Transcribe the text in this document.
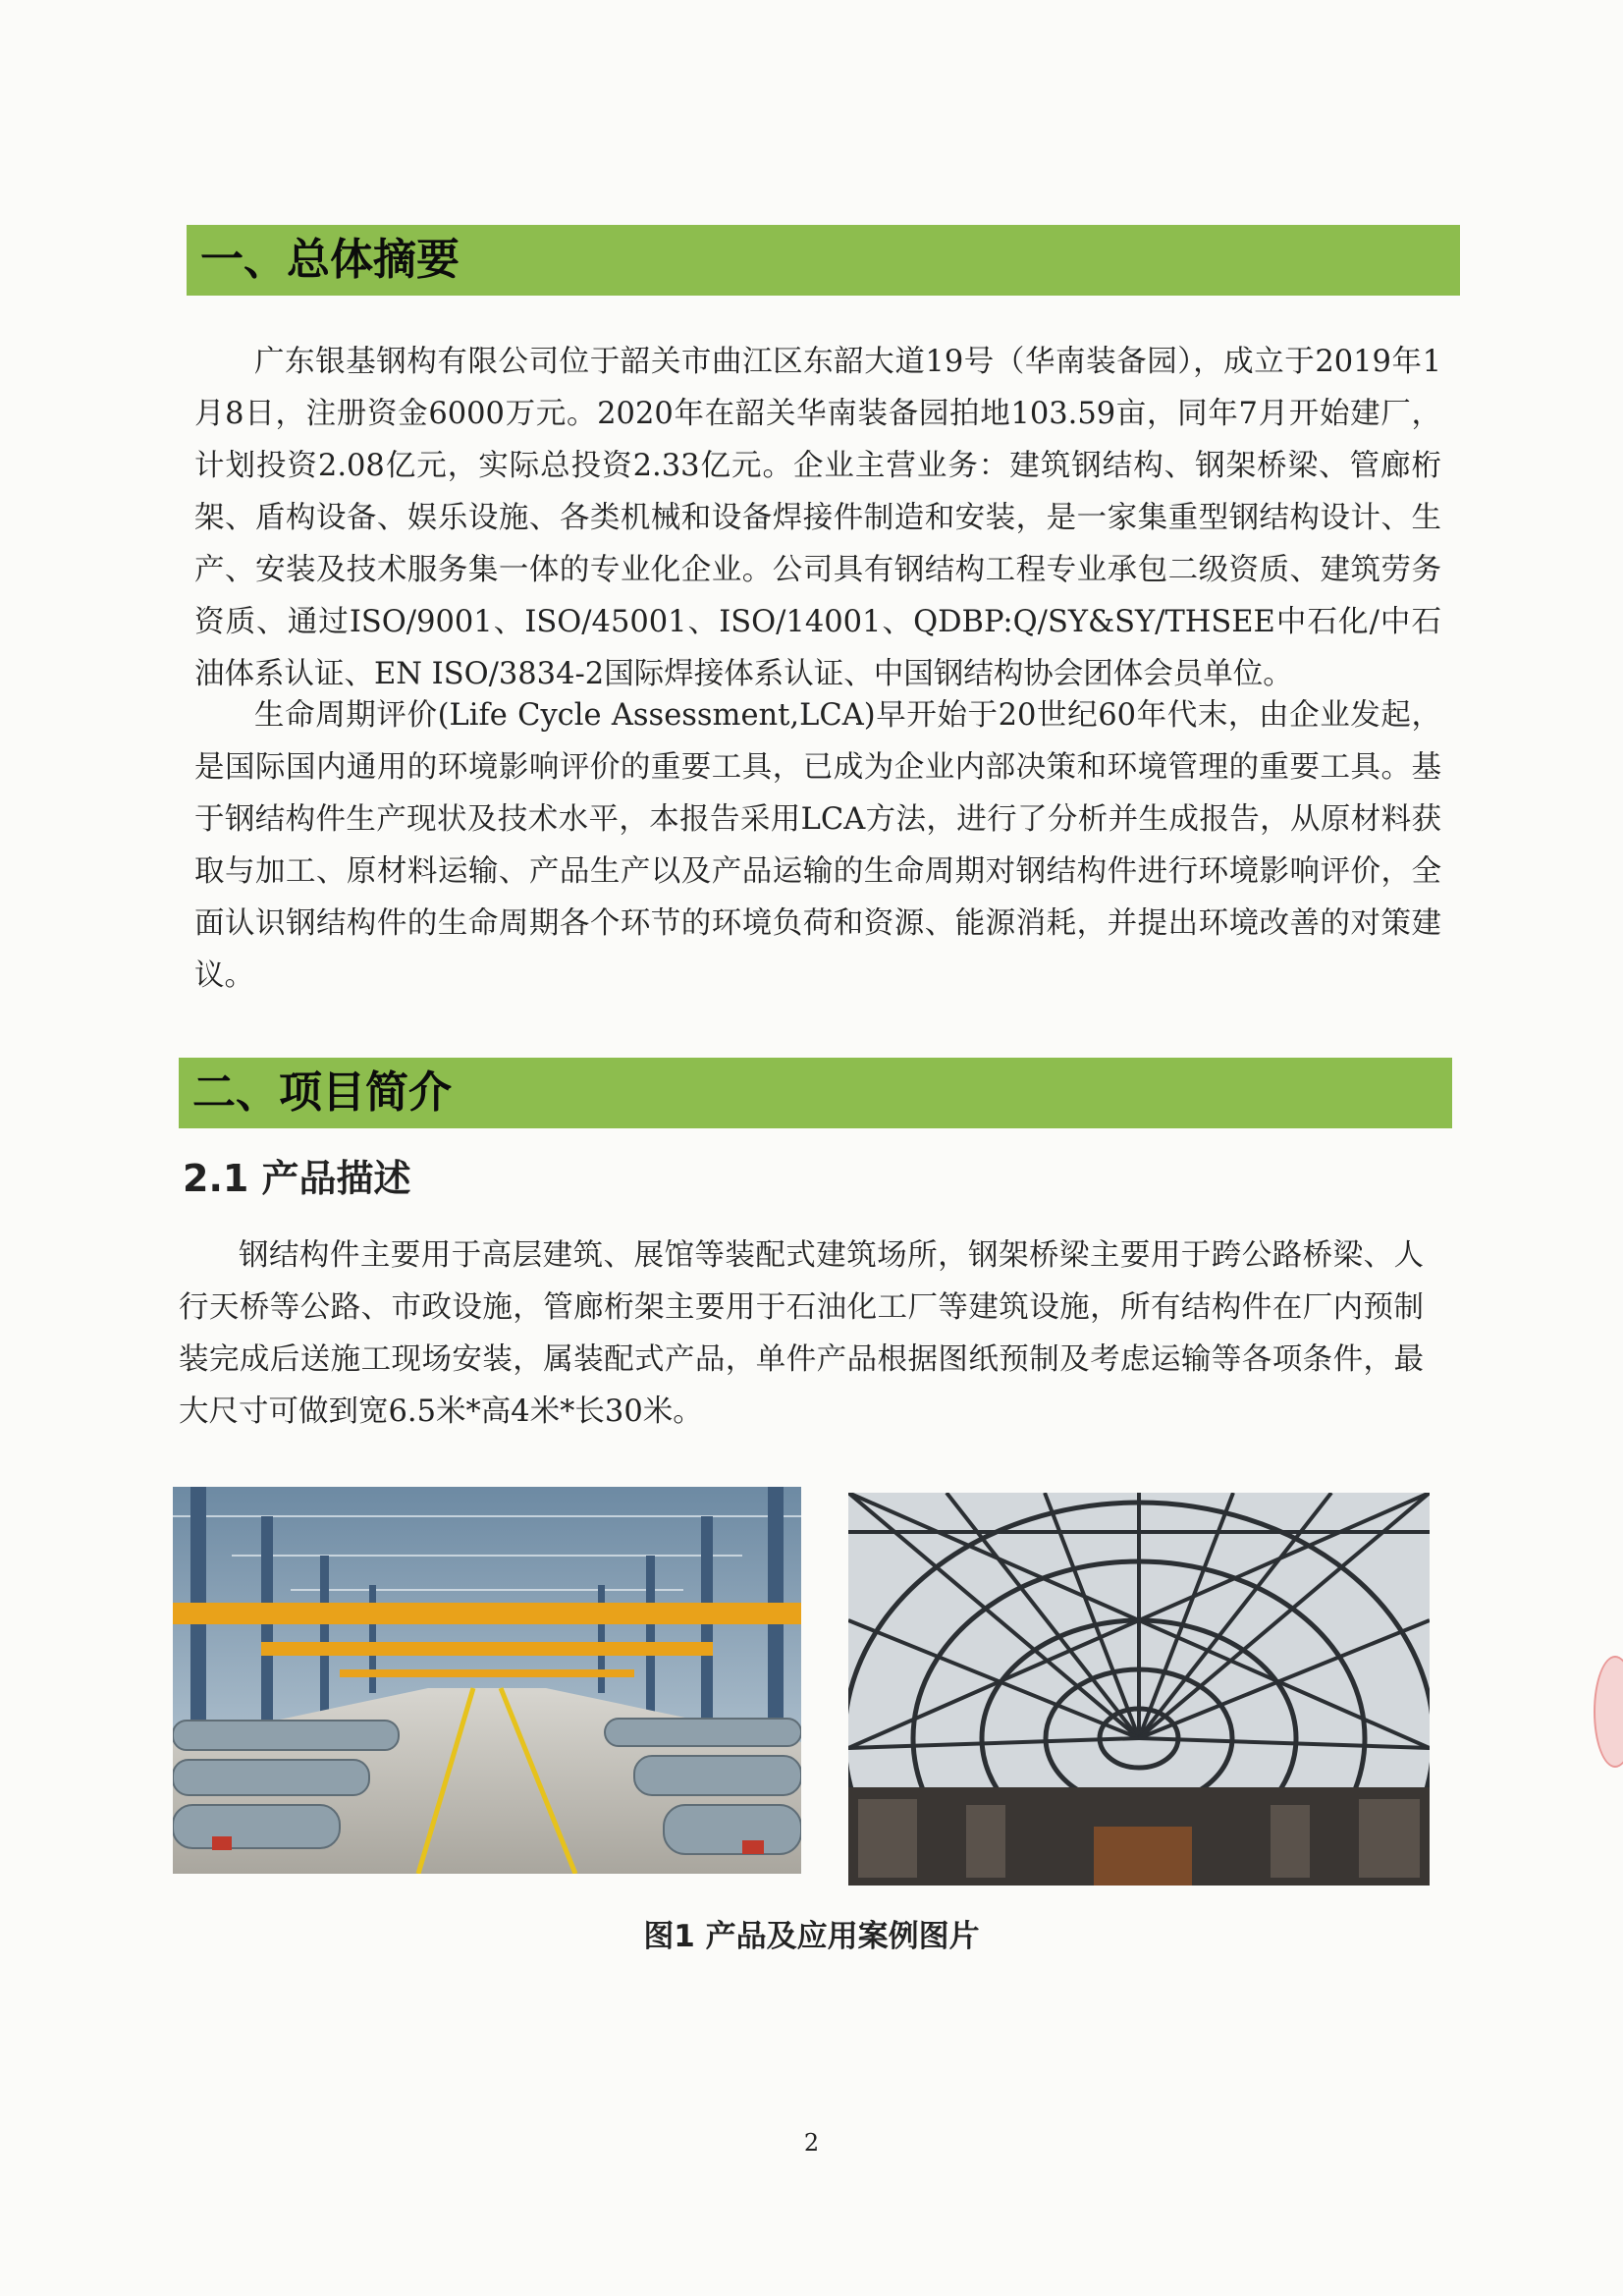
一、总体摘要

广东银基钢构有限公司位于韶关市曲江区东韶大道19号（华南装备园），成立于2019年1月8日，注册资金6000万元。2020年在韶关华南装备园拍地103.59亩，同年7月开始建厂，计划投资2.08亿元，实际总投资2.33亿元。企业主营业务：建筑钢结构、钢架桥梁、管廊桁架、盾构设备、娱乐设施、各类机械和设备焊接件制造和安装，是一家集重型钢结构设计、生产、安装及技术服务集一体的专业化企业。公司具有钢结构工程专业承包二级资质、建筑劳务资质、通过ISO/9001、ISO/45001、ISO/14001、QDBP:Q/SY&SY/THSEE中石化/中石油体系认证、EN ISO/3834-2国际焊接体系认证、中国钢结构协会团体会员单位。

生命周期评价(Life Cycle Assessment,LCA)早开始于20世纪60年代末，由企业发起，是国际国内通用的环境影响评价的重要工具，已成为企业内部决策和环境管理的重要工具。基于钢结构件生产现状及技术水平，本报告采用LCA方法，进行了分析并生成报告，从原材料获取与加工、原材料运输、产品生产以及产品运输的生命周期对钢结构件进行环境影响评价，全面认识钢结构件的生命周期各个环节的环境负荷和资源、能源消耗，并提出环境改善的对策建议。

二、项目简介
2.1 产品描述

钢结构件主要用于高层建筑、展馆等装配式建筑场所，钢架桥梁主要用于跨公路桥梁、人行天桥等公路、市政设施，管廊桁架主要用于石油化工厂等建筑设施，所有结构件在厂内预制装完成后送施工现场安装，属装配式产品，单件产品根据图纸预制及考虑运输等各项条件，最大尺寸可做到宽6.5米*高4米*长30米。

图1 产品及应用案例图片
2
